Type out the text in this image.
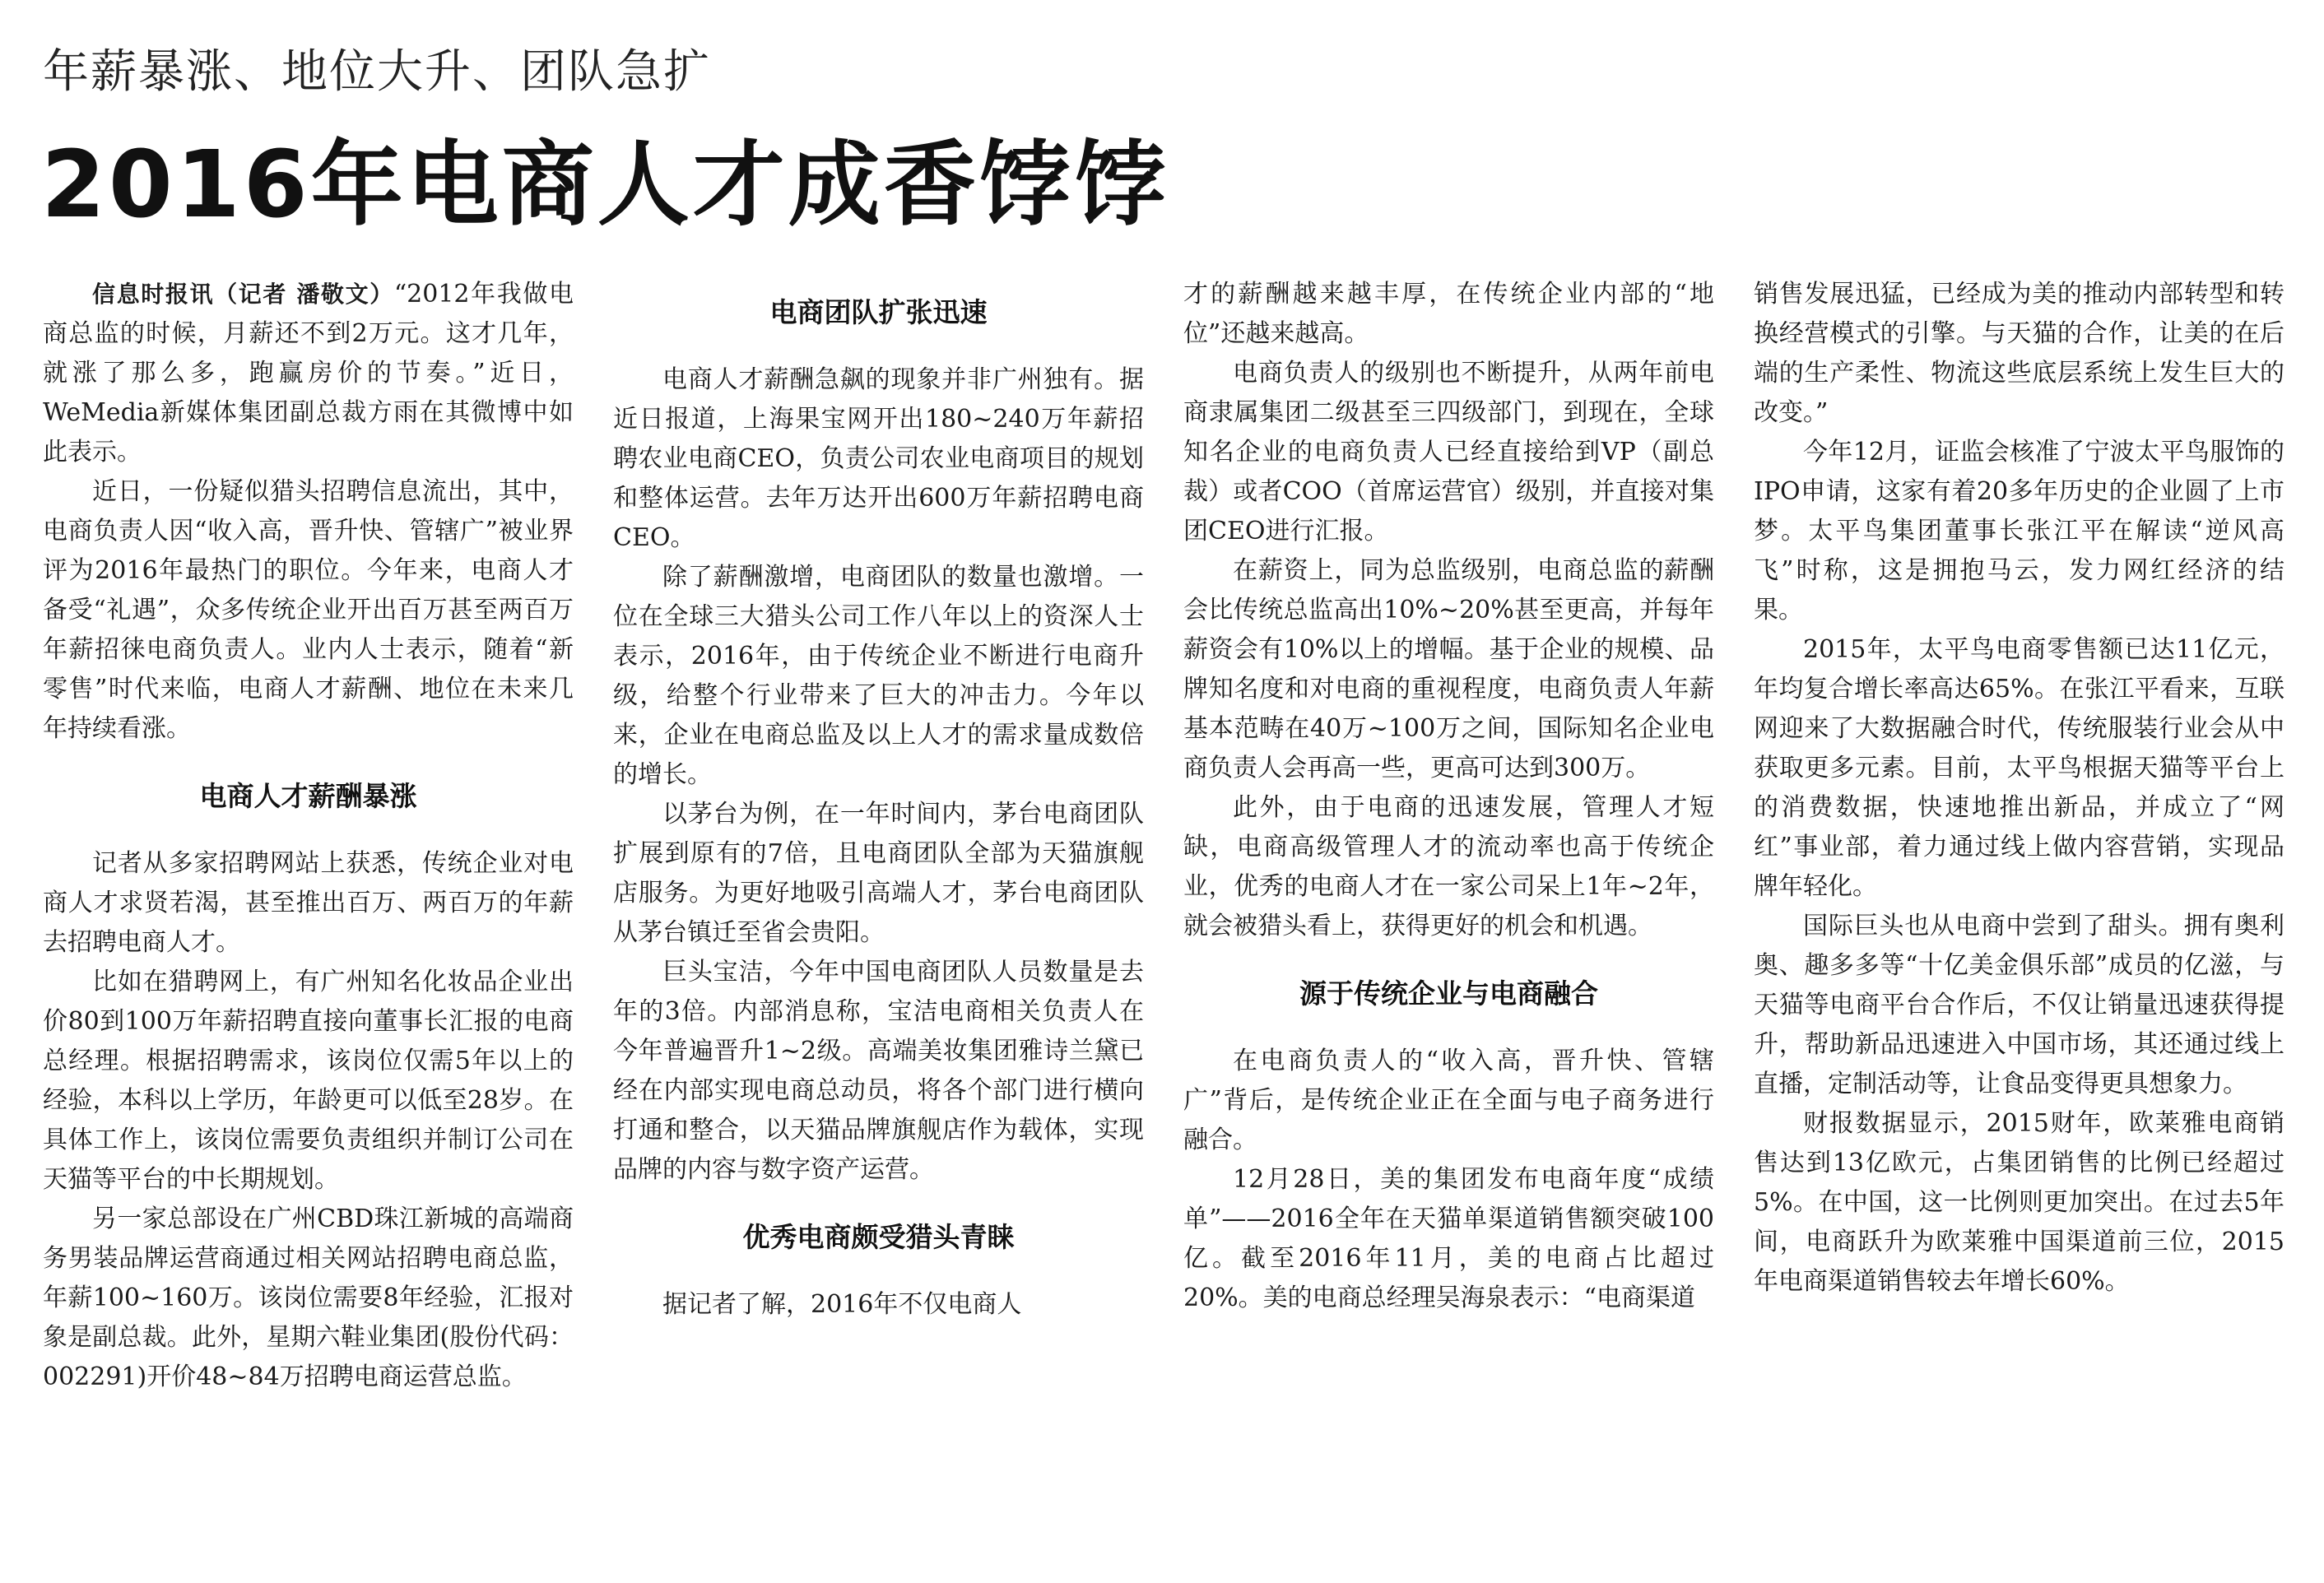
年薪暴涨、地位大升、团队急扩
2016年电商人才成香饽饽

信息时报讯（记者 潘敬文）“2012年我做电商总监的时候，月薪还不到2万元。这才几年，就涨了那么多，跑赢房价的节奏。”近日，WeMedia新媒体集团副总裁方雨在其微博中如此表示。

近日，一份疑似猎头招聘信息流出，其中，电商负责人因“收入高，晋升快、管辖广”被业界评为2016年最热门的职位。今年来，电商人才备受“礼遇”，众多传统企业开出百万甚至两百万年薪招徕电商负责人。业内人士表示，随着“新零售”时代来临，电商人才薪酬、地位在未来几年持续看涨。

电商人才薪酬暴涨

记者从多家招聘网站上获悉，传统企业对电商人才求贤若渴，甚至推出百万、两百万的年薪去招聘电商人才。

比如在猎聘网上，有广州知名化妆品企业出价80到100万年薪招聘直接向董事长汇报的电商总经理。根据招聘需求，该岗位仅需5年以上的经验，本科以上学历，年龄更可以低至28岁。在具体工作上，该岗位需要负责组织并制订公司在天猫等平台的中长期规划。

另一家总部设在广州CBD珠江新城的高端商务男装品牌运营商通过相关网站招聘电商总监，年薪100~160万。该岗位需要8年经验，汇报对象是副总裁。此外，星期六鞋业集团(股份代码：002291)开价48~84万招聘电商运营总监。

电商团队扩张迅速

电商人才薪酬急飙的现象并非广州独有。据近日报道，上海果宝网开出180~240万年薪招聘农业电商CEO，负责公司农业电商项目的规划和整体运营。去年万达开出600万年薪招聘电商CEO。

除了薪酬激增，电商团队的数量也激增。一位在全球三大猎头公司工作八年以上的资深人士表示，2016年，由于传统企业不断进行电商升级，给整个行业带来了巨大的冲击力。今年以来，企业在电商总监及以上人才的需求量成数倍的增长。

以茅台为例，在一年时间内，茅台电商团队扩展到原有的7倍，且电商团队全部为天猫旗舰店服务。为更好地吸引高端人才，茅台电商团队从茅台镇迁至省会贵阳。

巨头宝洁，今年中国电商团队人员数量是去年的3倍。内部消息称，宝洁电商相关负责人在今年普遍晋升1~2级。高端美妆集团雅诗兰黛已经在内部实现电商总动员，将各个部门进行横向打通和整合，以天猫品牌旗舰店作为载体，实现品牌的内容与数字资产运营。

优秀电商颇受猎头青睐

据记者了解，2016年不仅电商人

才的薪酬越来越丰厚，在传统企业内部的“地位”还越来越高。

电商负责人的级别也不断提升，从两年前电商隶属集团二级甚至三四级部门，到现在，全球知名企业的电商负责人已经直接给到VP（副总裁）或者COO（首席运营官）级别，并直接对集团CEO进行汇报。

在薪资上，同为总监级别，电商总监的薪酬会比传统总监高出10%~20%甚至更高，并每年薪资会有10%以上的增幅。基于企业的规模、品牌知名度和对电商的重视程度，电商负责人年薪基本范畴在40万~100万之间，国际知名企业电商负责人会再高一些，更高可达到300万。

此外，由于电商的迅速发展，管理人才短缺，电商高级管理人才的流动率也高于传统企业，优秀的电商人才在一家公司呆上1年~2年，就会被猎头看上，获得更好的机会和机遇。

源于传统企业与电商融合

在电商负责人的“收入高，晋升快、管辖广”背后，是传统企业正在全面与电子商务进行融合。

12月28日，美的集团发布电商年度“成绩单”——2016全年在天猫单渠道销售额突破100亿。截至2016年11月，美的电商占比超过20%。美的电商总经理吴海泉表示：“电商渠道

销售发展迅猛，已经成为美的推动内部转型和转换经营模式的引擎。与天猫的合作，让美的在后端的生产柔性、物流这些底层系统上发生巨大的改变。”

今年12月，证监会核准了宁波太平鸟服饰的IPO申请，这家有着20多年历史的企业圆了上市梦。太平鸟集团董事长张江平在解读“逆风高飞”时称，这是拥抱马云，发力网红经济的结果。

2015年，太平鸟电商零售额已达11亿元，年均复合增长率高达65%。在张江平看来，互联网迎来了大数据融合时代，传统服装行业会从中获取更多元素。目前，太平鸟根据天猫等平台上的消费数据，快速地推出新品，并成立了“网红”事业部，着力通过线上做内容营销，实现品牌年轻化。

国际巨头也从电商中尝到了甜头。拥有奥利奥、趣多多等“十亿美金俱乐部”成员的亿滋，与天猫等电商平台合作后，不仅让销量迅速获得提升，帮助新品迅速进入中国市场，其还通过线上直播，定制活动等，让食品变得更具想象力。

财报数据显示，2015财年，欧莱雅电商销售达到13亿欧元，占集团销售的比例已经超过5%。在中国，这一比例则更加突出。在过去5年间，电商跃升为欧莱雅中国渠道前三位，2015年电商渠道销售较去年增长60%。
